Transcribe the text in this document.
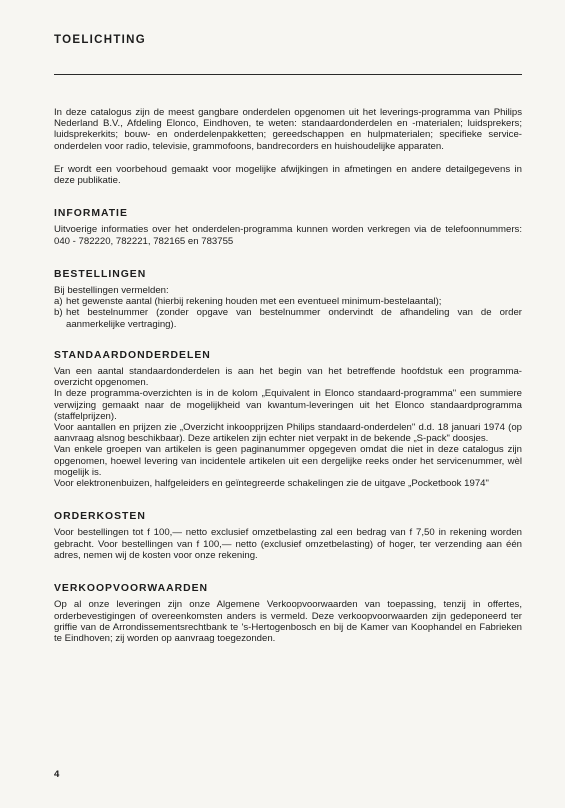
TOELICHTING

In deze catalogus zijn de meest gangbare onderdelen opgenomen uit het leverings-programma van Philips Nederland B.V., Afdeling Elonco, Eindhoven, te weten: standaardonderdelen en -materialen; luidsprekers; luidsprekerkits; bouw- en onderdelenpakketten; gereedschappen en hulpmaterialen; specifieke service-onderdelen voor radio, televisie, grammofoons, bandrecorders en huishoudelijke apparaten.

Er wordt een voorbehoud gemaakt voor mogelijke afwijkingen in afmetingen en andere detailgegevens in deze publikatie.

INFORMATIE

Uitvoerige informaties over het onderdelen-programma kunnen worden verkregen via de telefoonnummers: 040 - 782220, 782221, 782165 en 783755

BESTELLINGEN

Bij bestellingen vermelden:

a) het gewenste aantal (hierbij rekening houden met een eventueel minimum-bestelaantal);
b) het bestelnummer (zonder opgave van bestelnummer ondervindt de afhandeling van de order aanmerkelijke vertraging).
STANDAARDONDERDELEN

Van een aantal standaardonderdelen is aan het begin van het betreffende hoofdstuk een programma-overzicht opgenomen.

In deze programma-overzichten is in de kolom „Equivalent in Elonco standaard-programma" een summiere verwijzing gemaakt naar de mogelijkheid van kwantum-leveringen uit het Elonco standaardprogramma (staffelprijzen).

Voor aantallen en prijzen zie „Overzicht inkoopprijzen Philips standaard-onderdelen" d.d. 18 januari 1974 (op aanvraag alsnog beschikbaar). Deze artikelen zijn echter niet verpakt in de bekende „S-pack" doosjes.

Van enkele groepen van artikelen is geen paginanummer opgegeven omdat die niet in deze catalogus zijn opgenomen, hoewel levering van incidentele artikelen uit een dergelijke reeks onder het servicenummer, wèl mogelijk is.

Voor elektronenbuizen, halfgeleiders en geïntegreerde schakelingen zie de uitgave „Pocketbook 1974"

ORDERKOSTEN

Voor bestellingen tot f 100,— netto exclusief omzetbelasting zal een bedrag van f 7,50 in rekening worden gebracht. Voor bestellingen van f 100,— netto (exclusief omzetbelasting) of hoger, ter verzending aan één adres, nemen wij de kosten voor onze rekening.

VERKOOPVOORWAARDEN

Op al onze leveringen zijn onze Algemene Verkoopvoorwaarden van toepassing, tenzij in offertes, orderbevestigingen of overeenkomsten anders is vermeld. Deze verkoopvoorwaarden zijn gedeponeerd ter griffie van de Arrondissementsrechtbank te 's-Hertogenbosch en bij de Kamer van Koophandel en Fabrieken te Eindhoven; zij worden op aanvraag toegezonden.

4
